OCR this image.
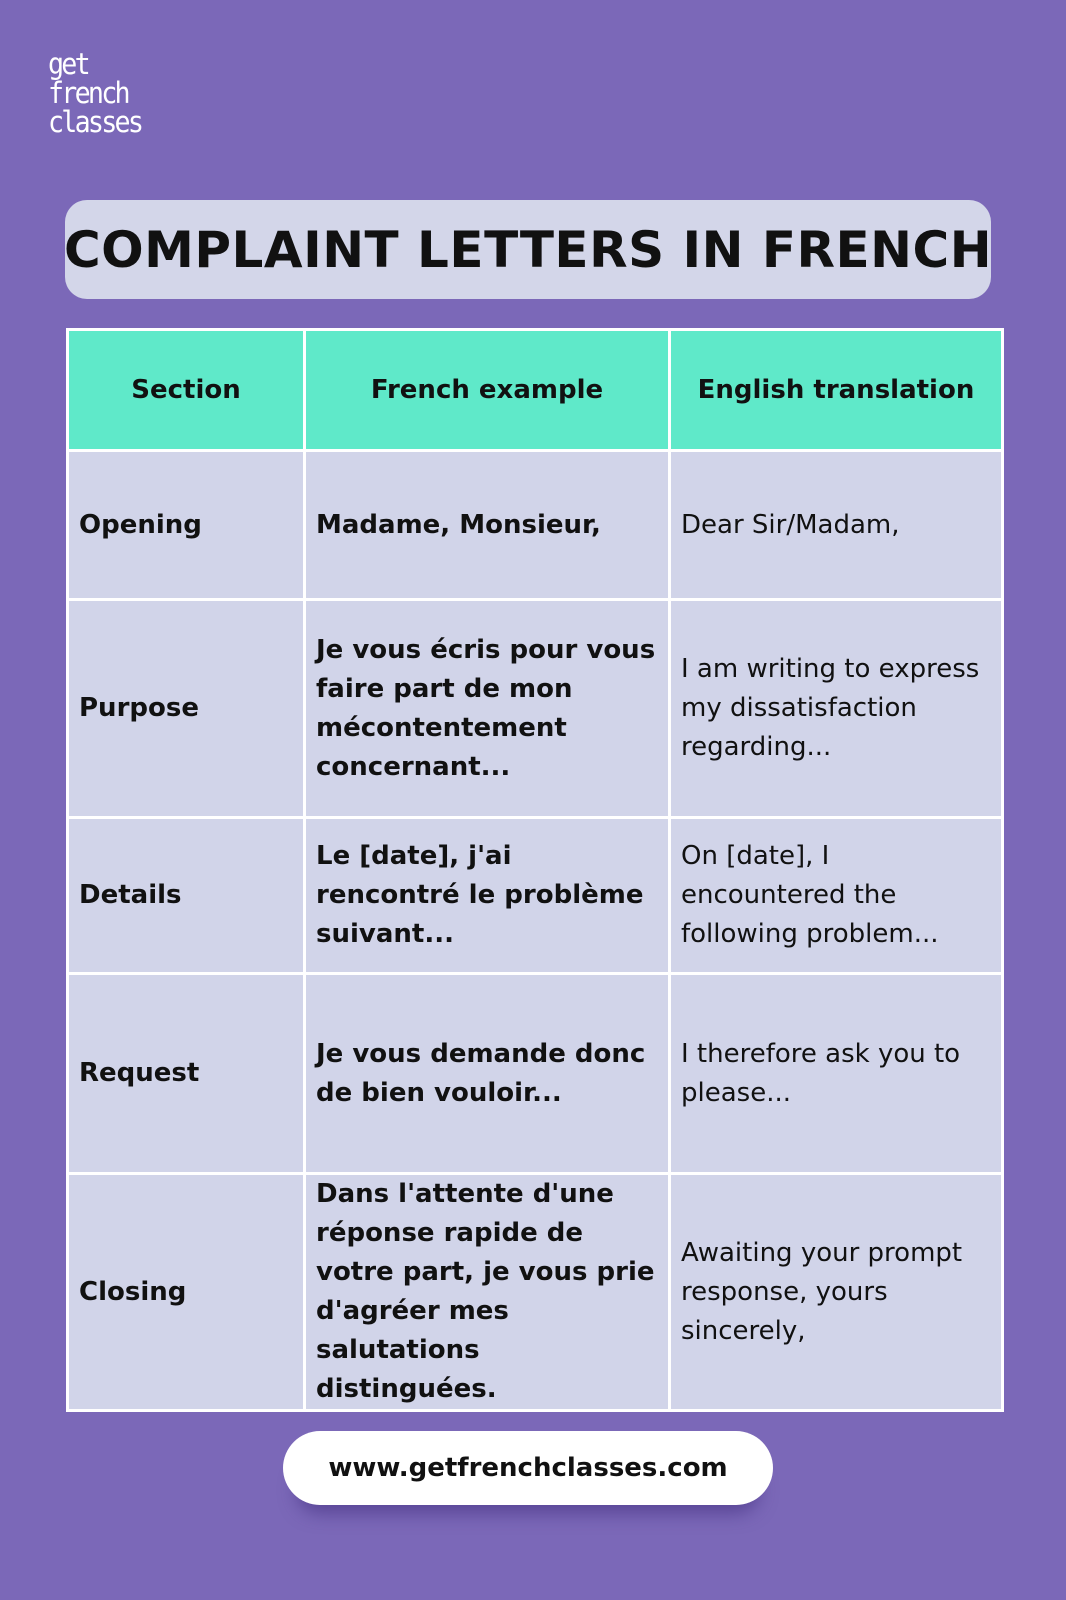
get
french
classes
COMPLAINT LETTERS IN FRENCH
Section	French example	English translation
Opening	Madame, Monsieur,	Dear Sir/Madam,
Purpose	Je vous écris pour vous faire part de mon mécontentement concernant...	I am writing to express my dissatisfaction regarding...
Details	Le [date], j'ai rencontré le problème suivant...	On [date], I encountered the following problem...
Request	Je vous demande donc de bien vouloir...	I therefore ask you to please...
Closing	Dans l'attente d'une réponse rapide de votre part, je vous prie d'agréer mes salutations distinguées.	Awaiting your prompt response, yours sincerely,
www.getfrenchclasses.com
